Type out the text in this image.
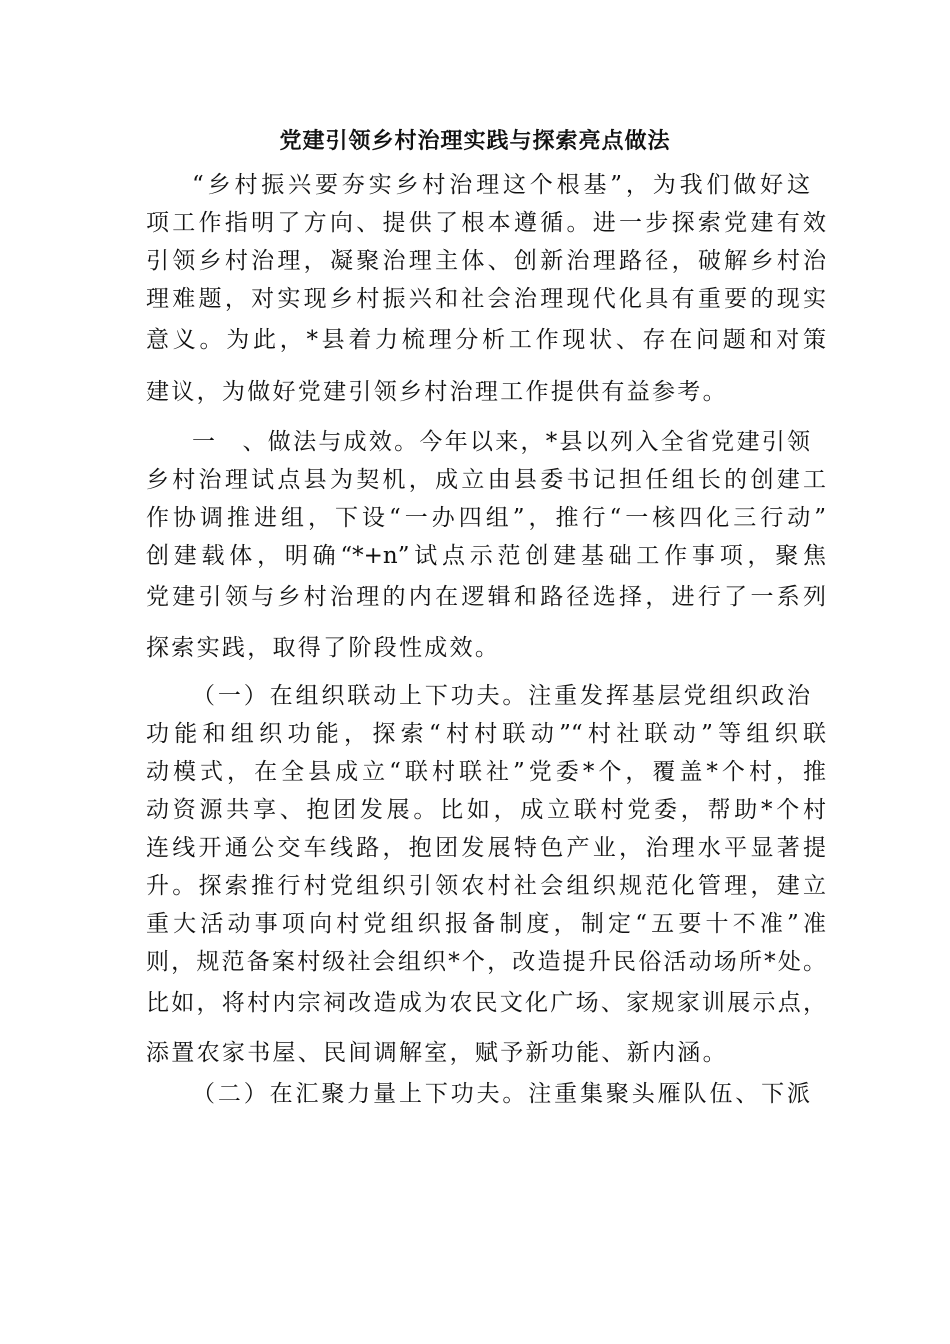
党建引领乡村治理实践与探索亮点做法

“乡村振兴要夯实乡村治理这个根基”，为我们做好这

项工作指明了方向、提供了根本遵循。进一步探索党建有效

引领乡村治理，凝聚治理主体、创新治理路径，破解乡村治

理难题，对实现乡村振兴和社会治理现代化具有重要的现实

意义。为此，*县着力梳理分析工作现状、存在问题和对策

建议，为做好党建引领乡村治理工作提供有益参考。

一　、做法与成效。今年以来，*县以列入全省党建引领

乡村治理试点县为契机，成立由县委书记担任组长的创建工

作协调推进组，下设“一办四组”，推行“一核四化三行动”

创建载体，明确“*+n”试点示范创建基础工作事项，聚焦

党建引领与乡村治理的内在逻辑和路径选择，进行了一系列

探索实践，取得了阶段性成效。

（一）在组织联动上下功夫。注重发挥基层党组织政治

功能和组织功能，探索“村村联动”“村社联动”等组织联

动模式，在全县成立“联村联社”党委*个，覆盖*个村，推

动资源共享、抱团发展。比如，成立联村党委，帮助*个村

连线开通公交车线路，抱团发展特色产业，治理水平显著提

升。探索推行村党组织引领农村社会组织规范化管理，建立

重大活动事项向村党组织报备制度，制定“五要十不准”准

则，规范备案村级社会组织*个，改造提升民俗活动场所*处。

比如，将村内宗祠改造成为农民文化广场、家规家训展示点，

添置农家书屋、民间调解室，赋予新功能、新内涵。

（二）在汇聚力量上下功夫。注重集聚头雁队伍、下派
